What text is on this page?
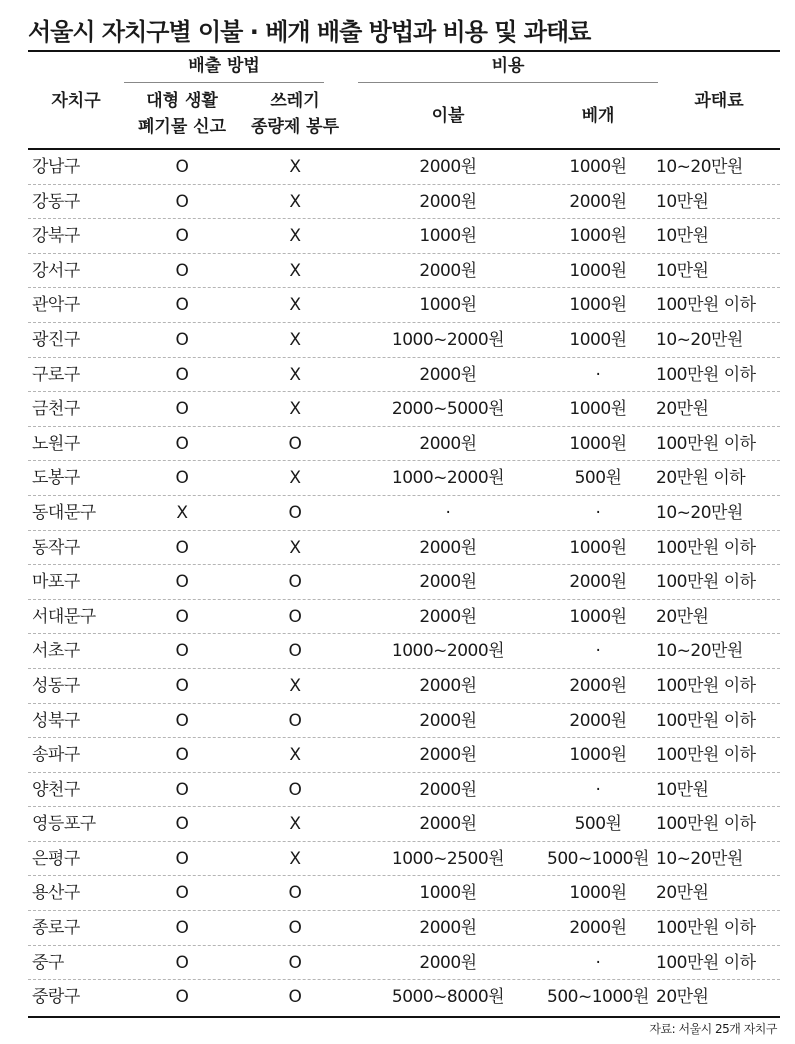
서울시 자치구별 이불 · 베개 배출 방법과 비용 및 과태료
자치구
배출 방법
대형 생활
폐기물 신고
쓰레기
종량제 봉투
비용
이불	베개
과태료
강남구	O	X	2000원	1000원	10~20만원
강동구	O	X	2000원	2000원	10만원
강북구	O	X	1000원	1000원	10만원
강서구	O	X	2000원	1000원	10만원
관악구	O	X	1000원	1000원	100만원 이하
광진구	O	X	1000~2000원	1000원	10~20만원
구로구	O	X	2000원	·	100만원 이하
금천구	O	X	2000~5000원	1000원	20만원
노원구	O	O	2000원	1000원	100만원 이하
도봉구	O	X	1000~2000원	500원	20만원 이하
동대문구	X	O	·	·	10~20만원
동작구	O	X	2000원	1000원	100만원 이하
마포구	O	O	2000원	2000원	100만원 이하
서대문구	O	O	2000원	1000원	20만원
서초구	O	O	1000~2000원	·	10~20만원
성동구	O	X	2000원	2000원	100만원 이하
성북구	O	O	2000원	2000원	100만원 이하
송파구	O	X	2000원	1000원	100만원 이하
양천구	O	O	2000원	·	10만원
영등포구	O	X	2000원	500원	100만원 이하
은평구	O	X	1000~2500원	500~1000원 10~20만원
용산구	O	O	1000원	1000원	20만원
종로구	O	O	2000원	2000원	100만원 이하
중구	O	O	2000원	·	100만원 이하
중랑구	O	O	5000~8000원	500~1000원 20만원
자료: 서울시 25개 자치구
